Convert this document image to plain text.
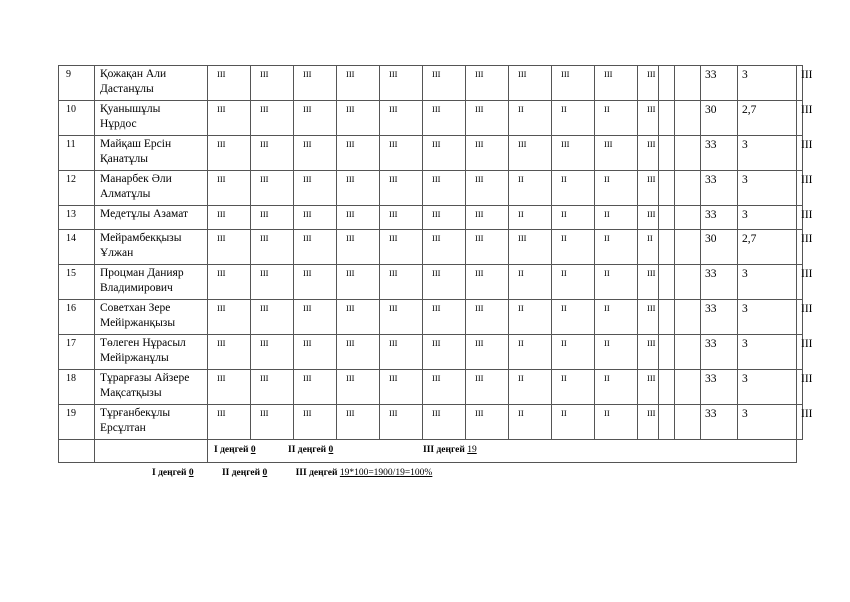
9	Қожақан Али
Дастанұлы	ІІІ	ІІІ	ІІІ	ІІІ	ІІІ	ІІІ	ІІІ	ІІІ	ІІІ	ІІІ	ІІІ			33	3	ІІІ
10	Қуанышұлы
Нұрдос	ІІІ	ІІІ	ІІІ	ІІІ	ІІІ	ІІІ	ІІІ	ІІ	ІІ	ІІ	ІІІ			30	2,7	ІІІ
11	Майқаш Ерсін
Қанатұлы	ІІІ	ІІІ	ІІІ	ІІІ	ІІІ	ІІІ	ІІІ	ІІІ	ІІІ	ІІІ	ІІІ			33	3	ІІІ
12	Манарбек Әли
Алматұлы	ІІІ	ІІІ	ІІІ	ІІІ	ІІІ	ІІІ	ІІІ	ІІ	ІІ	ІІ	ІІІ			33	3	ІІІ
13	Медетұлы Азамат	ІІІ	ІІІ	ІІІ	ІІІ	ІІІ	ІІІ	ІІІ	ІІ	ІІ	ІІ	ІІІ			33	3	ІІІ
14	Мейрамбекқызы
Ұлжан	ІІІ	ІІІ	ІІІ	ІІІ	ІІІ	ІІІ	ІІІ	ІІІ	ІІ	ІІ	ІІ			30	2,7	ІІІ
15	Процман Данияр
Владимирович	ІІІ	ІІІ	ІІІ	ІІІ	ІІІ	ІІІ	ІІІ	ІІ	ІІ	ІІ	ІІІ			33	3	ІІІ
16	Советхан Зере
Мейіржанқызы	ІІІ	ІІІ	ІІІ	ІІІ	ІІІ	ІІІ	ІІІ	ІІ	ІІ	ІІ	ІІІ			33	3	ІІІ
17	Төлеген Нұрасыл
Мейіржанұлы	ІІІ	ІІІ	ІІІ	ІІІ	ІІІ	ІІІ	ІІІ	ІІ	ІІ	ІІ	ІІІ			33	3	ІІІ
18	Тұрарғазы Айзере
Мақсатқызы	ІІІ	ІІІ	ІІІ	ІІІ	ІІІ	ІІІ	ІІІ	ІІ	ІІ	ІІ	ІІІ			33	3	ІІІ
19	Тұрғанбекұлы
Ерсұлтан	ІІІ	ІІІ	ІІІ	ІІІ	ІІІ	ІІІ	ІІІ	ІІ	ІІ	ІІ	ІІІ			33	3	ІІІ

		І деңгей 0 ІІ деңгей 0 ІІІ деңгей 19															
І деңгей 0	ІІ деңгей 0	ІІІ деңгей 19*100=1900/19=100%
